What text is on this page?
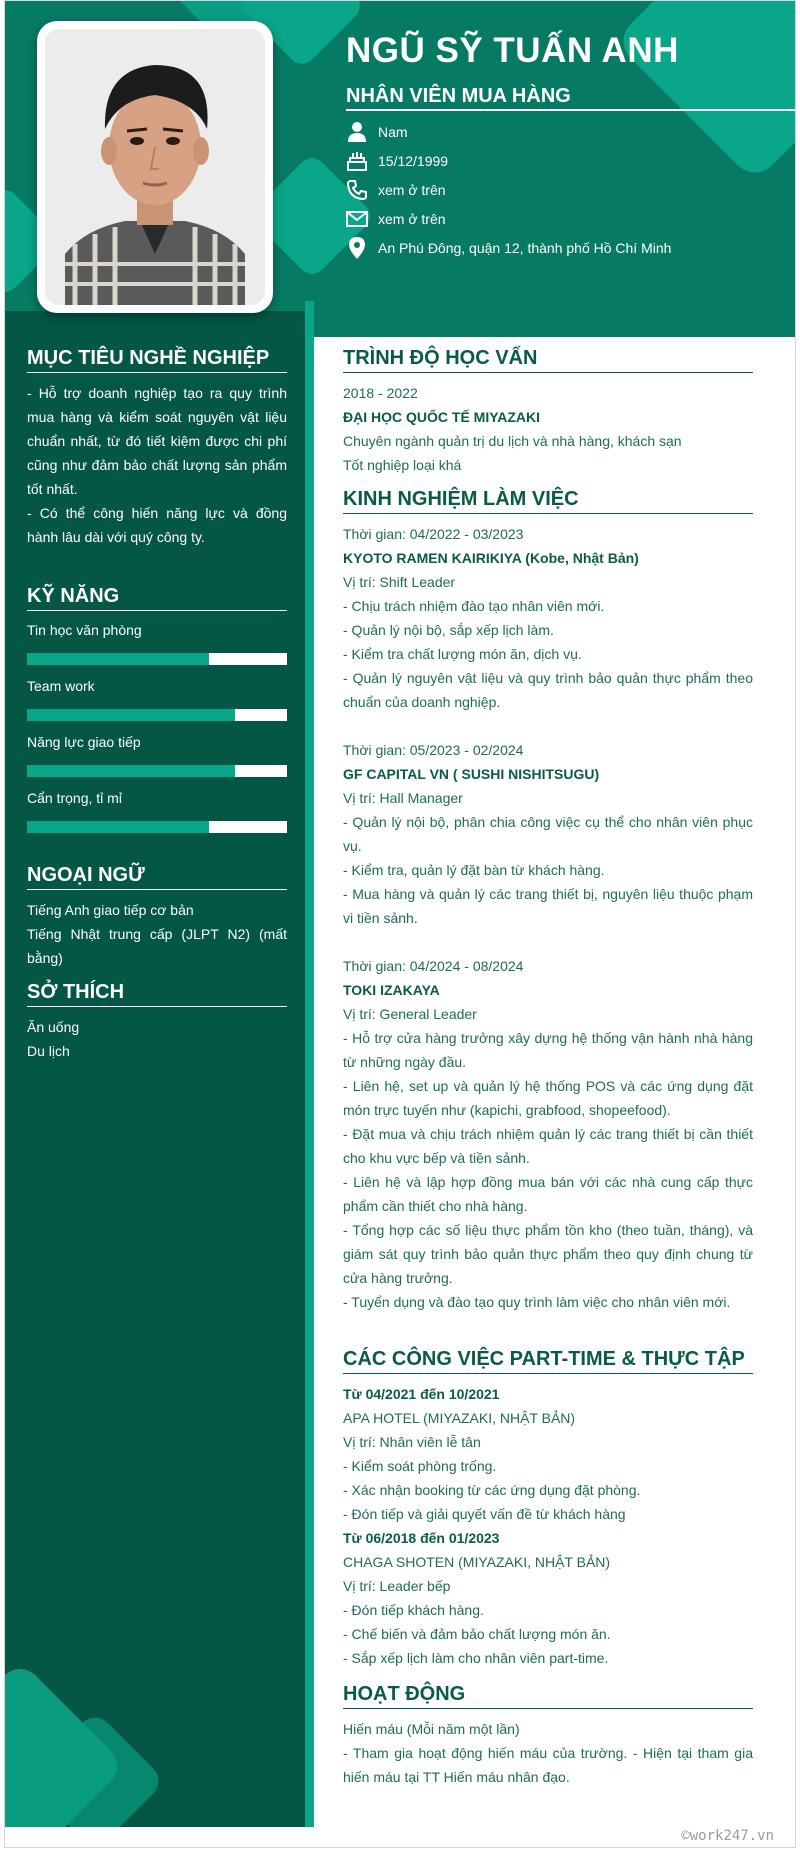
NGŨ SỸ TUẤN ANH
NHÂN VIÊN MUA HÀNG
Nam
15/12/1999
xem ở trên
xem ở trên
An Phú Đông, quận 12, thành phố Hồ Chí Minh
MỤC TIÊU NGHỀ NGHIỆP

- Hỗ trợ doanh nghiệp tạo ra quy trình mua hàng và kiểm soát nguyên vật liệu chuẩn nhất, từ đó tiết kiệm được chi phí cũng như đảm bảo chất lượng sản phẩm tốt nhất.

- Có thể công hiến năng lực và đồng hành lâu dài với quý công ty.

KỸ NĂNG
Tin học văn phòng
Team work
Năng lực giao tiếp
Cẩn trọng, tỉ mỉ
NGOẠI NGỮ

Tiếng Anh giao tiếp cơ bản

Tiếng Nhật trung cấp (JLPT N2) (mất bằng)

SỞ THÍCH

Ăn uống

Du lịch

TRÌNH ĐỘ HỌC VẤN

2018 - 2022

ĐẠI HỌC QUỐC TẾ MIYAZAKI

Chuyên ngành quản trị du lịch và nhà hàng, khách sạn

Tốt nghiệp loại khá

KINH NGHIỆM LÀM VIỆC

Thời gian: 04/2022 - 03/2023

KYOTO RAMEN KAIRIKIYA (Kobe, Nhật Bản)

Vị trí: Shift Leader

- Chịu trách nhiệm đào tạo nhân viên mới.

- Quản lý nội bộ, sắp xếp lịch làm.

- Kiểm tra chất lượng món ăn, dịch vụ.

- Quản lý nguyên vật liệu và quy trình bảo quản thực phẩm theo chuẩn của doanh nghiệp.

Thời gian: 05/2023 - 02/2024

GF CAPITAL VN ( SUSHI NISHITSUGU)

Vị trí: Hall Manager

- Quản lý nội bộ, phân chia công việc cụ thể cho nhân viên phục vụ.

- Kiểm tra, quản lý đặt bàn từ khách hàng.

- Mua hàng và quản lý các trang thiết bị, nguyên liệu thuộc phạm vi tiền sảnh.

Thời gian: 04/2024 - 08/2024

TOKI IZAKAYA

Vị trí: General Leader

- Hỗ trợ cửa hàng trưởng xây dựng hệ thống vận hành nhà hàng từ những ngày đầu.

- Liên hệ, set up và quản lý hệ thống POS và các ứng dụng đặt món trực tuyến như (kapichi, grabfood, shopeefood).

- Đặt mua và chịu trách nhiệm quản lý các trang thiết bị cần thiết cho khu vực bếp và tiền sảnh.

- Liên hệ và lập hợp đồng mua bán với các nhà cung cấp thực phẩm cần thiết cho nhà hàng.

- Tổng hợp các số liệu thực phẩm tồn kho (theo tuần, tháng), và giám sát quy trình bảo quản thực phẩm theo quy định chung từ cửa hàng trưởng.

- Tuyển dụng và đào tạo quy trình làm việc cho nhân viên mới.

CÁC CÔNG VIỆC PART-TIME & THỰC TẬP

Từ 04/2021 đến 10/2021

APA HOTEL (MIYAZAKI, NHẬT BẢN)

Vị trí: Nhân viên lễ tân

- Kiểm soát phòng trống.

- Xác nhận booking từ các ứng dụng đặt phòng.

- Đón tiếp và giải quyết vấn đề từ khách hàng

Từ 06/2018 đến 01/2023

CHAGA SHOTEN (MIYAZAKI, NHẬT BẢN)

Vị trí: Leader bếp

- Đón tiếp khách hàng.

- Chế biến và đảm bảo chất lượng món ăn.

- Sắp xếp lịch làm cho nhân viên part-time.

HOẠT ĐỘNG

Hiến máu (Mỗi năm một lần)

- Tham gia hoạt động hiến máu của trường. - Hiện tại tham gia hiến máu tại TT Hiến máu nhân đạo.

©work247.vn
